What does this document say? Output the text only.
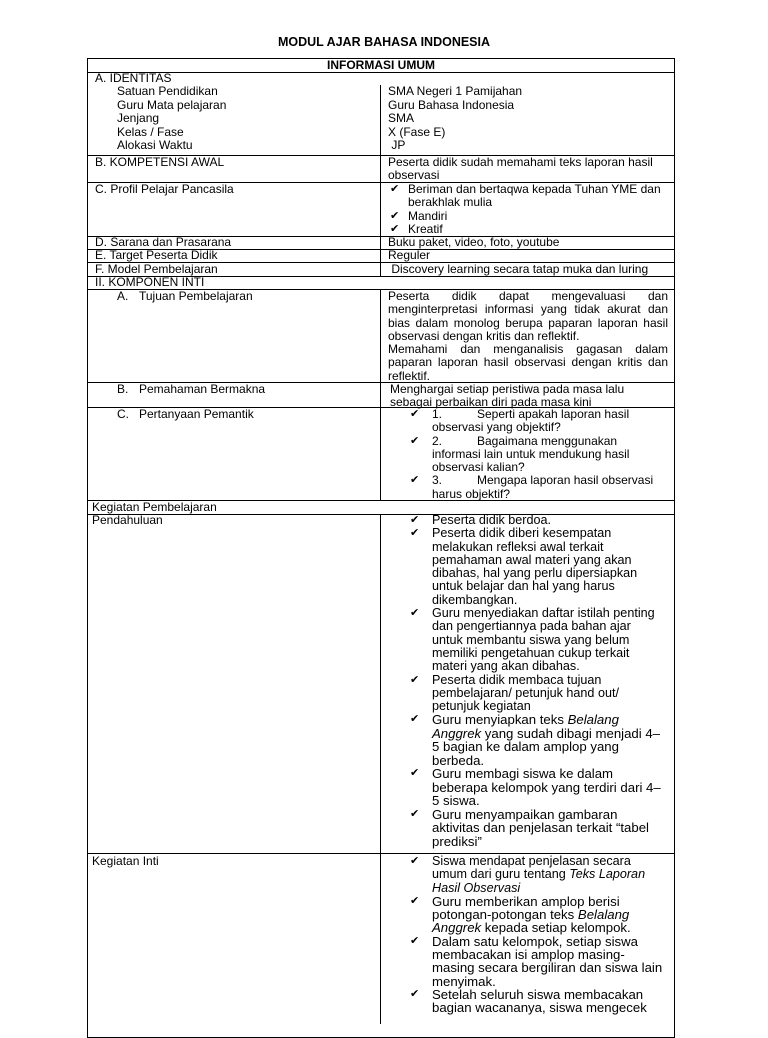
MODUL AJAR BAHASA INDONESIA
INFORMASI UMUM
A. IDENTITAS
Satuan Pendidikan	SMA Negeri 1 Pamijahan
Guru Mata pelajaran	Guru Bahasa Indonesia
Jenjang	SMA
Kelas / Fase	X (Fase E)
Alokasi Waktu	JP
B. KOMPETENSI AWAL	Peserta didik sudah memahami teks laporan hasil observasi
C. Profil Pelajar Pancasila	✔ Beriman dan bertaqwa kepada Tuhan YME dan berakhlak mulia
✔ Mandiri
✔ Kreatif
D. Sarana dan Prasarana	Buku paket, video, foto, youtube
E. Target Peserta Didik	Reguler
F. Model Pembelajaran	Discovery learning secara tatap muka dan luring
II. KOMPONEN INTI
A. Tujuan Pembelajaran	Peserta didik dapat mengevaluasi dan menginterpretasi informasi yang tidak akurat dan bias dalam monolog berupa paparan laporan hasil observasi dengan kritis dan reflektif.
Memahami dan menganalisis gagasan dalam paparan laporan hasil observasi dengan kritis dan reflektif.
B. Pemahaman Bermakna	Menghargai setiap peristiwa pada masa lalu sebagai perbaikan diri pada masa kini
C. Pertanyaan Pemantik	✔ 1.	Seperti apakah laporan hasil observasi yang objektif?
✔ 2.	Bagaimana menggunakan informasi lain untuk mendukung hasil observasi kalian?
✔ 3.	Mengapa laporan hasil observasi harus objektif?
Kegiatan Pembelajaran
Pendahuluan	✔ Peserta didik berdoa.
✔ Peserta didik diberi kesempatan melakukan refleksi awal terkait pemahaman awal materi yang akan dibahas, hal yang perlu dipersiapkan untuk belajar dan hal yang harus dikembangkan.
✔ Guru menyediakan daftar istilah penting dan pengertiannya pada bahan ajar untuk membantu siswa yang belum memiliki pengetahuan cukup terkait materi yang akan dibahas.
✔ Peserta didik membaca tujuan pembelajaran/ petunjuk hand out/ petunjuk kegiatan
✔ Guru menyiapkan teks Belalang Anggrek yang sudah dibagi menjadi 4–5 bagian ke dalam amplop yang berbeda.
✔ Guru membagi siswa ke dalam beberapa kelompok yang terdiri dari 4–5 siswa.
✔ Guru menyampaikan gambaran aktivitas dan penjelasan terkait “tabel prediksi”
Kegiatan Inti	✔ Siswa mendapat penjelasan secara umum dari guru tentang Teks Laporan Hasil Observasi
✔ Guru memberikan amplop berisi potongan-potongan teks Belalang Anggrek kepada setiap kelompok.
✔ Dalam satu kelompok, setiap siswa membacakan isi amplop masing-masing secara bergiliran dan siswa lain menyimak.
✔ Setelah seluruh siswa membacakan bagian wacananya, siswa mengecek
